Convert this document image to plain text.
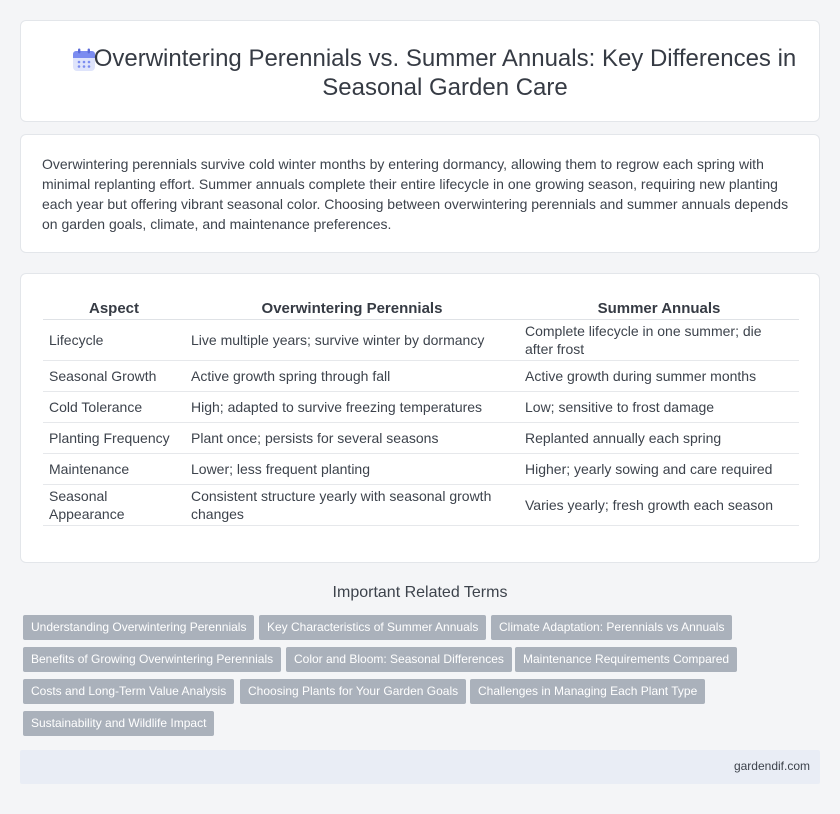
Overwintering Perennials vs. Summer Annuals: Key Differences in Seasonal Garden Care

Overwintering perennials survive cold winter months by entering dormancy, allowing them to regrow each spring with minimal replanting effort. Summer annuals complete their entire lifecycle in one growing season, requiring new planting each year but offering vibrant seasonal color. Choosing between overwintering perennials and summer annuals depends on garden goals, climate, and maintenance preferences.

Aspect	Overwintering Perennials	Summer Annuals
Lifecycle	Live multiple years; survive winter by dormancy	Complete lifecycle in one summer; die after frost
Seasonal Growth	Active growth spring through fall	Active growth during summer months
Cold Tolerance	High; adapted to survive freezing temperatures	Low; sensitive to frost damage
Planting Frequency	Plant once; persists for several seasons	Replanted annually each spring
Maintenance	Lower; less frequent planting	Higher; yearly sowing and care required
Seasonal Appearance	Consistent structure yearly with seasonal growth changes	Varies yearly; fresh growth each season
Important Related Terms
Understanding Overwintering Perennials	Key Characteristics of Summer Annuals	Climate Adaptation: Perennials vs Annuals
Benefits of Growing Overwintering Perennials	Color and Bloom: Seasonal Differences	Maintenance Requirements Compared
Costs and Long-Term Value Analysis	Choosing Plants for Your Garden Goals	Challenges in Managing Each Plant Type
Sustainability and Wildlife Impact
gardendif.com
